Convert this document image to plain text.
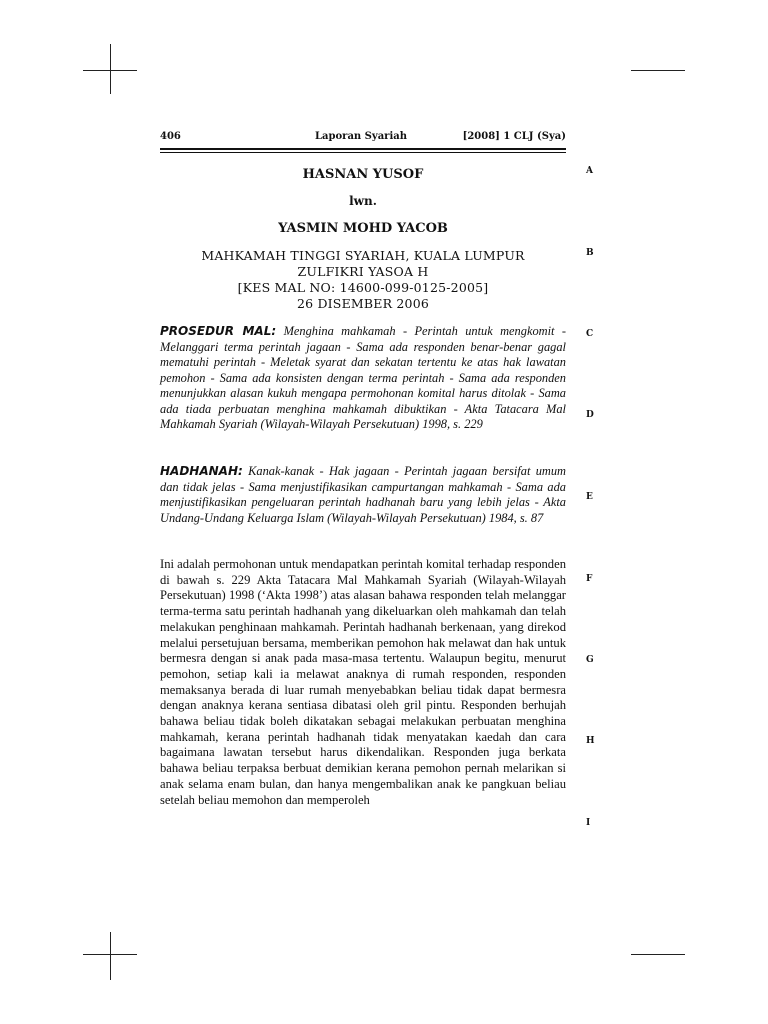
406	Laporan Syariah	[2008] 1 CLJ (Sya)
HASNAN YUSOF
lwn.
YASMIN MOHD YACOB
MAHKAMAH TINGGI SYARIAH, KUALA LUMPUR
ZULFIKRI YASOA H
[KES MAL NO: 14600-099-0125-2005]
26 DISEMBER 2006
PROSEDUR MAL: Menghina mahkamah - Perintah untuk mengkomit - Melanggari terma perintah jagaan - Sama ada responden benar-benar gagal mematuhi perintah - Meletak syarat dan sekatan tertentu ke atas hak lawatan pemohon - Sama ada konsisten dengan terma perintah - Sama ada responden menunjukkan alasan kukuh mengapa permohonan komital harus ditolak - Sama ada tiada perbuatan menghina mahkamah dibuktikan - Akta Tatacara Mal Mahkamah Syariah (Wilayah-Wilayah Persekutuan) 1998, s. 229
HADHANAH: Kanak-kanak - Hak jagaan - Perintah jagaan bersifat umum dan tidak jelas - Sama menjustifikasikan campurtangan mahkamah - Sama ada menjustifikasikan pengeluaran perintah hadhanah baru yang lebih jelas - Akta Undang-Undang Keluarga Islam (Wilayah-Wilayah Persekutuan) 1984, s. 87
Ini adalah permohonan untuk mendapatkan perintah komital terhadap responden di bawah s. 229 Akta Tatacara Mal Mahkamah Syariah (Wilayah-Wilayah Persekutuan) 1998 (‘Akta 1998’) atas alasan bahawa responden telah melanggar terma-terma satu perintah hadhanah yang dikeluarkan oleh mahkamah dan telah melakukan penghinaan mahkamah. Perintah hadhanah berkenaan, yang direkod melalui persetujuan bersama, memberikan pemohon hak melawat dan hak untuk bermesra dengan si anak pada masa-masa tertentu. Walaupun begitu, menurut pemohon, setiap kali ia melawat anaknya di rumah responden, responden memaksanya berada di luar rumah menyebabkan beliau tidak dapat bermesra dengan anaknya kerana sentiasa dibatasi oleh gril pintu. Responden berhujah bahawa beliau tidak boleh dikatakan sebagai melakukan perbuatan menghina mahkamah, kerana perintah hadhanah tidak menyatakan kaedah dan cara bagaimana lawatan tersebut harus dikendalikan. Responden juga berkata bahawa beliau terpaksa berbuat demikian kerana pemohon pernah melarikan si anak selama enam bulan, dan hanya mengembalikan anak ke pangkuan beliau setelah beliau memohon dan memperoleh
A
B
C
D
E
F
G
H
I
